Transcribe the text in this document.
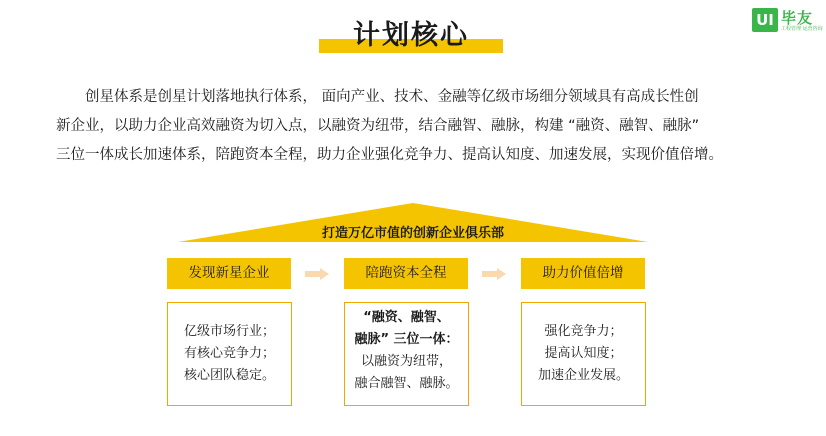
计划核心	UI 毕友
工程管理 运营咨询
创星体系是创星计划落地执行体系， 面向产业、技术、金融等亿级市场细分领域具有高成长性创
新企业，以助力企业高效融资为切入点，以融资为纽带，结合融智、融脉，构建 “融资、融智、融脉”
三位一体成长加速体系，陪跑资本全程，助力企业强化竞争力、提高认知度、加速发展，实现价值倍增。
打造万亿市值的创新企业俱乐部
发现新星企业	陪跑资本全程	助力价值倍增
亿级市场行业；
有核心竞争力；
核心团队稳定。
“融资、融智、
融脉” 三位一体：
以融资为纽带，
融合融智、融脉。
强化竞争力；
提高认知度；
加速企业发展。
